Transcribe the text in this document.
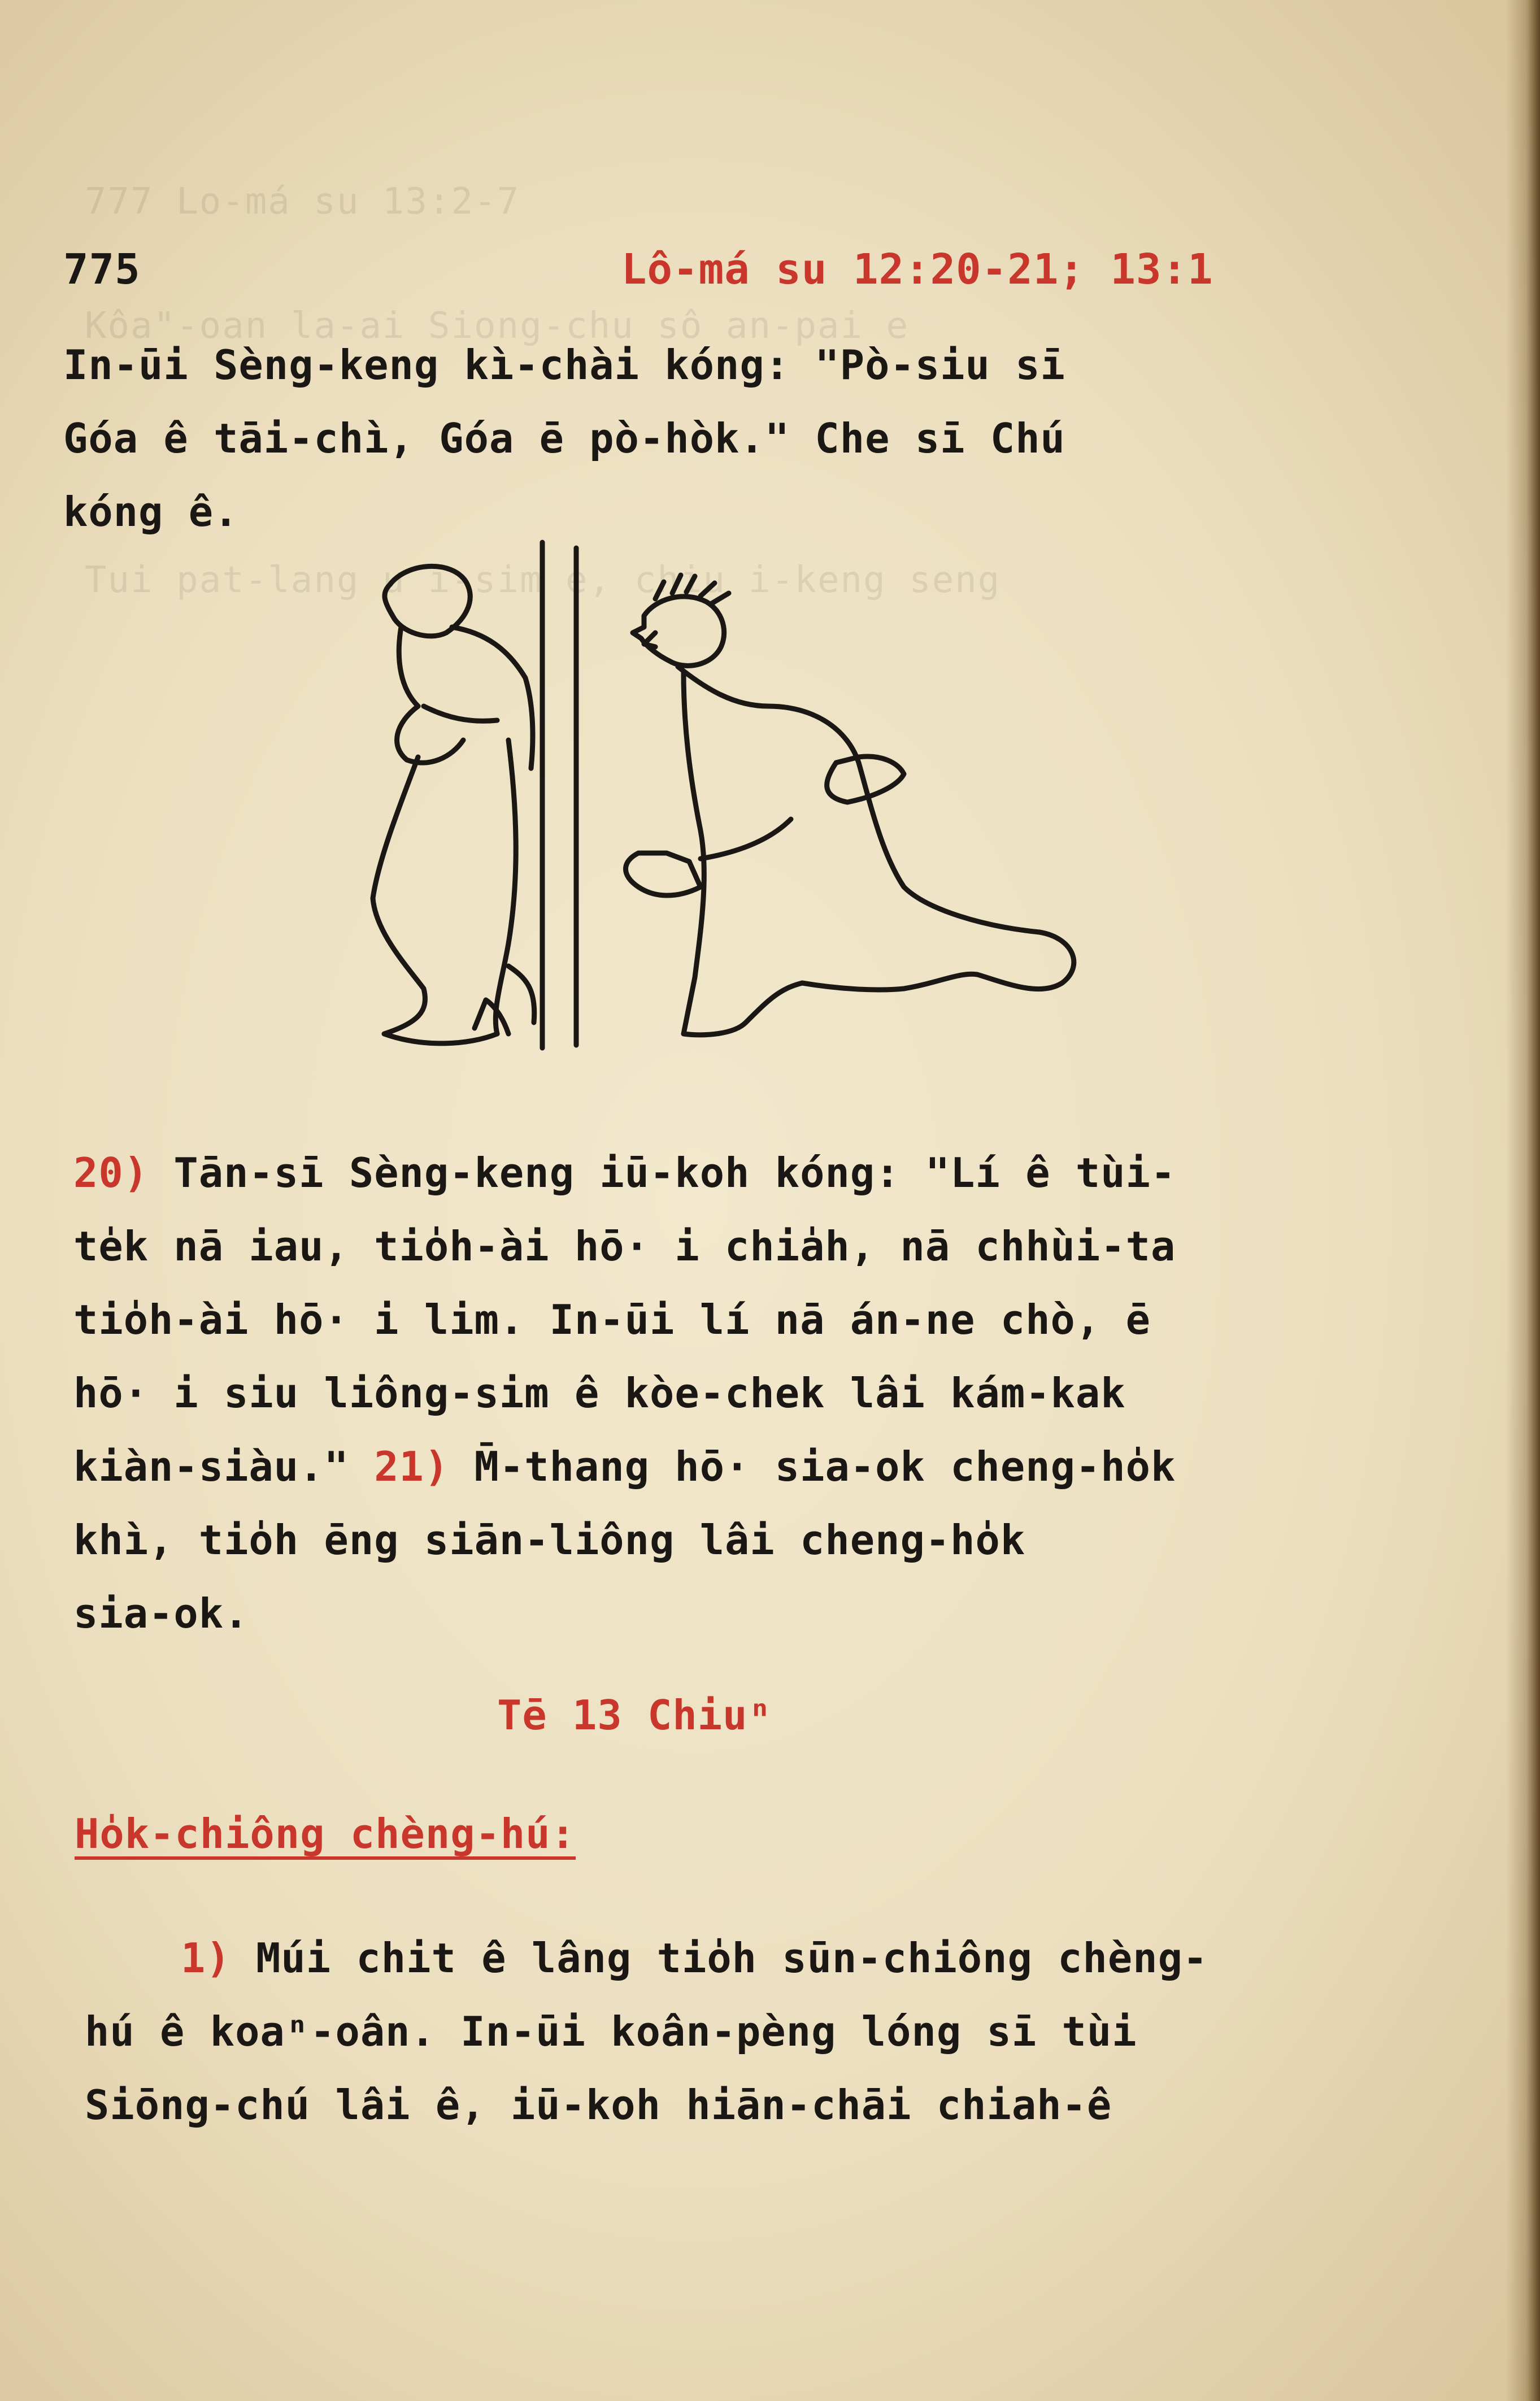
777 Lo-má su 13:2-7
Kôa"-oan la-ai Siong-chu sô an-pai e
Tui pat-lang u i-sim e, chiu i-keng seng
775	Lô-má su 12:20-21; 13:1
In-ūi Sèng-keng kì-chài kóng: "Pò-siu sī
Góa ê tāi-chì, Góa ē pò-hòk." Che sī Chú
kóng ê.
20) Tān-sī Sèng-keng iū-koh kóng: "Lí ê tùi-
te̍k nā iau, tio̍h-ài hō· i chia̍h, nā chhùi-ta
tio̍h-ài hō· i lim. In-ūi lí nā án-ne chò, ē
hō· i siu liông-sim ê kòe-chek lâi kám-kak
kiàn-siàu." 21) M̄-thang hō· sia-ok cheng-ho̍k
khì, tio̍h ēng siān-liông lâi cheng-ho̍k
sia-ok.
Tē 13 Chiuⁿ
Ho̍k-chiông chèng-hú:
1) Múi chit ê lâng tio̍h sūn-chiông chèng-
hú ê koaⁿ-oân. In-ūi koân-pèng lóng sī tùi
Siōng-chú lâi ê, iū-koh hiān-chāi chiah-ê
